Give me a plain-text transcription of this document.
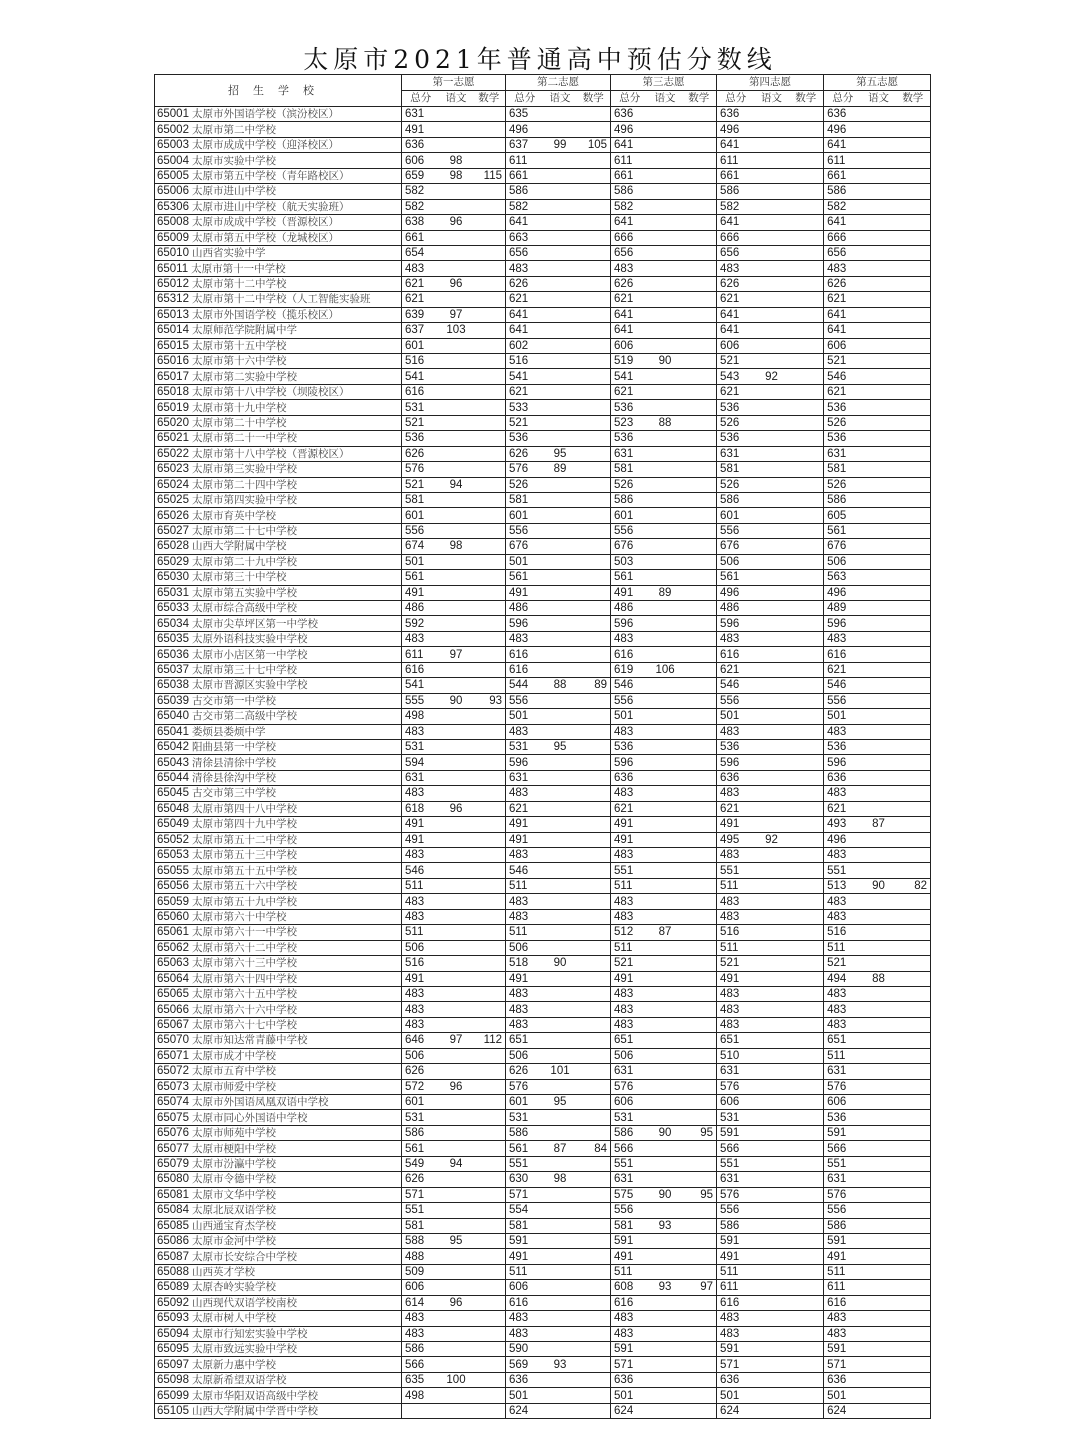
太原市2021年普通高中预估分数线
招生学校	第一志愿			第二志愿			第三志愿			第四志愿			第五志愿		
	总分	语文	数学	总分	语文	数学	总分	语文	数学	总分	语文	数学	总分	语文	数学
65001 太原市外国语学校（滨汾校区）	631			635			636			636			636		
65002 太原市第二中学校	491			496			496			496			496		
65003 太原市成成中学校（迎泽校区）	636			637	99	105	641			641			641		
65004 太原市实验中学校	606	98		611			611			611			611		
65005 太原市第五中学校（青年路校区）	659	98	115	661			661			661			661		
65006 太原市进山中学校	582			586			586			586			586		
65306 太原市进山中学校（航天实验班）	582			582			582			582			582		
65008 太原市成成中学校（晋源校区）	638	96		641			641			641			641		
65009 太原市第五中学校（龙城校区）	661			663			666			666			666		
65010 山西省实验中学	654			656			656			656			656		
65011 太原市第十一中学校	483			483			483			483			483		
65012 太原市第十二中学校	621	96		626			626			626			626		
65312 太原市第十二中学校（人工智能实验班	621			621			621			621			621		
65013 太原市外国语学校（揽乐校区）	639	97		641			641			641			641		
65014 太原师范学院附属中学	637	103		641			641			641			641		
65015 太原市第十五中学校	601			602			606			606			606		
65016 太原市第十六中学校	516			516			519	90		521			521		
65017 太原市第二实验中学校	541			541			541			543	92		546		
65018 太原市第十八中学校（坝陵校区）	616			621			621			621			621		
65019 太原市第十九中学校	531			533			536			536			536		
65020 太原市第二十中学校	521			521			523	88		526			526		
65021 太原市第二十一中学校	536			536			536			536			536		
65022 太原市第十八中学校（晋源校区）	626			626	95		631			631			631		
65023 太原市第三实验中学校	576			576	89		581			581			581		
65024 太原市第二十四中学校	521	94		526			526			526			526		
65025 太原市第四实验中学校	581			581			586			586			586		
65026 太原市育英中学校	601			601			601			601			605		
65027 太原市第二十七中学校	556			556			556			556			561		
65028 山西大学附属中学校	674	98		676			676			676			676		
65029 太原市第二十九中学校	501			501			503			506			506		
65030 太原市第三十中学校	561			561			561			561			563		
65031 太原市第五实验中学校	491			491			491	89		496			496		
65033 太原市综合高级中学校	486			486			486			486			489		
65034 太原市尖草坪区第一中学校	592			596			596			596			596		
65035 太原外语科技实验中学校	483			483			483			483			483		
65036 太原市小店区第一中学校	611	97		616			616			616			616		
65037 太原市第三十七中学校	616			616			619	106		621			621		
65038 太原市晋源区实验中学校	541			544	88	89	546			546			546		
65039 古交市第一中学校	555	90	93	556			556			556			556		
65040 古交市第二高级中学校	498			501			501			501			501		
65041 娄烦县娄烦中学	483			483			483			483			483		
65042 阳曲县第一中学校	531			531	95		536			536			536		
65043 清徐县清徐中学校	594			596			596			596			596		
65044 清徐县徐沟中学校	631			631			636			636			636		
65045 古交市第三中学校	483			483			483			483			483		
65048 太原市第四十八中学校	618	96		621			621			621			621		
65049 太原市第四十九中学校	491			491			491			491			493	87	
65052 太原市第五十二中学校	491			491			491			495	92		496		
65053 太原市第五十三中学校	483			483			483			483			483		
65055 太原市第五十五中学校	546			546			551			551			551		
65056 太原市第五十六中学校	511			511			511			511			513	90	82
65059 太原市第五十九中学校	483			483			483			483			483		
65060 太原市第六十中学校	483			483			483			483			483		
65061 太原市第六十一中学校	511			511			512	87		516			516		
65062 太原市第六十二中学校	506			506			511			511			511		
65063 太原市第六十三中学校	516			518	90		521			521			521		
65064 太原市第六十四中学校	491			491			491			491			494	88	
65065 太原市第六十五中学校	483			483			483			483			483		
65066 太原市第六十六中学校	483			483			483			483			483		
65067 太原市第六十七中学校	483			483			483			483			483		
65070 太原市知达常青藤中学校	646	97	112	651			651			651			651		
65071 太原市成才中学校	506			506			506			510			511		
65072 太原市五育中学校	626			626	101		631			631			631		
65073 太原市师爱中学校	572	96		576			576			576			576		
65074 太原市外国语凤凰双语中学校	601			601	95		606			606			606		
65075 太原市同心外国语中学校	531			531			531			531			536		
65076 太原市师苑中学校	586			586			586	90	95	591			591		
65077 太原市梗阳中学校	561			561	87	84	566			566			566		
65079 太原市汾瀛中学校	549	94		551			551			551			551		
65080 太原市令德中学校	626			630	98		631			631			631		
65081 太原市文华中学校	571			571			575	90	95	576			576		
65084 太原北辰双语学校	551			554			556			556			556		
65085 山西通宝育杰学校	581			581			581	93		586			586		
65086 太原市金河中学校	588	95		591			591			591			591		
65087 太原市长安综合中学校	488			491			491			491			491		
65088 山西英才学校	509			511			511			511			511		
65089 太原杏岭实验学校	606			606			608	93	97	611			611		
65092 山西现代双语学校南校	614	96		616			616			616			616		
65093 太原市树人中学校	483			483			483			483			483		
65094 太原市行知宏实验中学校	483			483			483			483			483		
65095 太原市致远实验中学校	586			590			591			591			591		
65097 太原新力惠中学校	566			569	93		571			571			571		
65098 太原新希望双语学校	635	100		636			636			636			636		
65099 太原市华阳双语高级中学校	498			501			501			501			501		
65105 山西大学附属中学晋中学校				624			624			624			624		
